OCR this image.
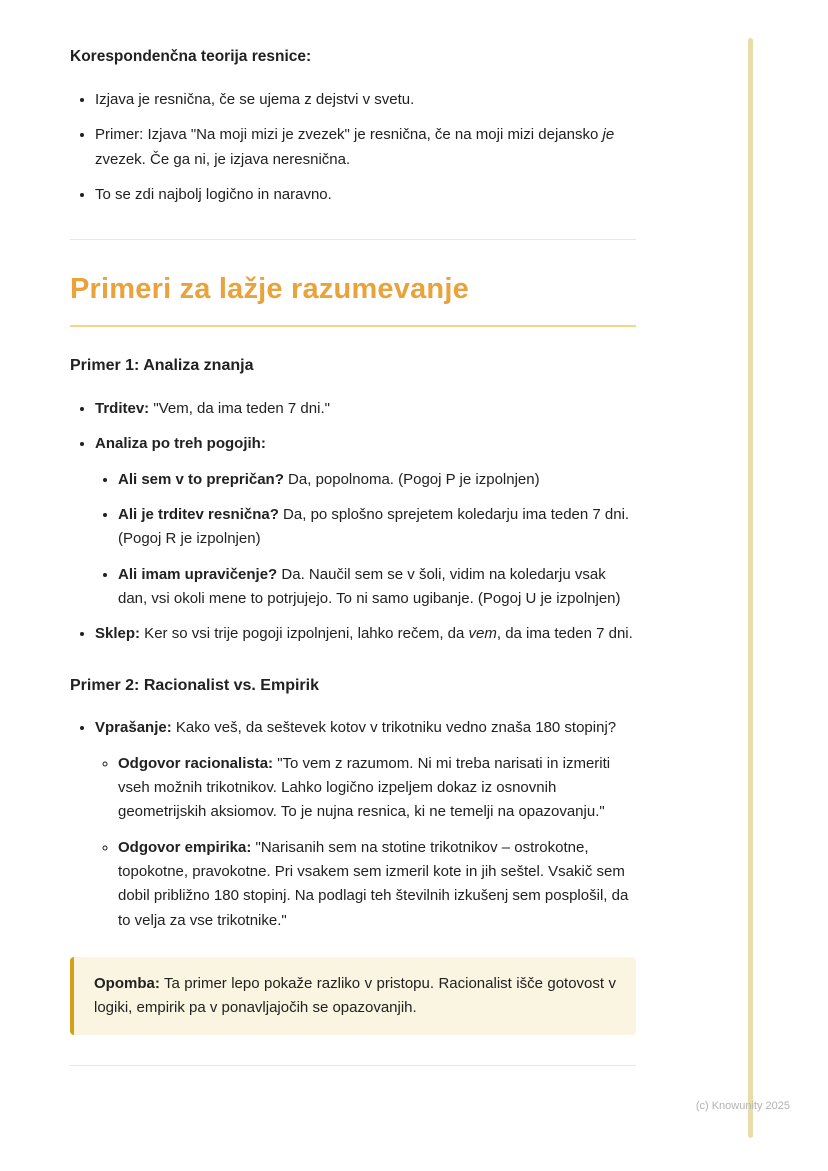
Korespondenčna teorija resnice:
• Izjava je resnična, če se ujema z dejstvi v svetu.
• Primer: Izjava "Na moji mizi je zvezek" je resnična, če na moji mizi dejansko je zvezek. Če ga ni, je izjava neresnična.
• To se zdi najbolj logično in naravno.
Primeri za lažje razumevanje
Primer 1: Analiza znanja
• Trditev: "Vem, da ima teden 7 dni."
• Analiza po treh pogojih:
• Ali sem v to prepričan? Da, popolnoma. (Pogoj P je izpolnjen)
• Ali je trditev resnična? Da, po splošno sprejetem koledarju ima teden 7 dni. (Pogoj R je izpolnjen)
• Ali imam upravičenje? Da. Naučil sem se v šoli, vidim na koledarju vsak dan, vsi okoli mene to potrjujejo. To ni samo ugibanje. (Pogoj U je izpolnjen)
• Sklep: Ker so vsi trije pogoji izpolnjeni, lahko rečem, da vem, da ima teden 7 dni.
Primer 2: Racionalist vs. Empirik
• Vprašanje: Kako veš, da seštevek kotov v trikotniku vedno znaša 180 stopinj?
◦ Odgovor racionalista: "To vem z razumom. Ni mi treba narisati in izmeriti vseh možnih trikotnikov. Lahko logično izpeljem dokaz iz osnovnih geometrijskih aksiomov. To je nujna resnica, ki ne temelji na opazovanju."
◦ Odgovor empirika: "Narisanih sem na stotine trikotnikov – ostrokotne, topokotne, pravokotne. Pri vsakem sem izmeril kote in jih seštel. Vsakič sem dobil približno 180 stopinj. Na podlagi teh številnih izkušenj sem posplošil, da to velja za vse trikotnike."
Opomba: Ta primer lepo pokaže razliko v pristopu. Racionalist išče gotovost v logiki, empirik pa v ponavljajočih se opazovanjih.
(c) Knowunity 2025
